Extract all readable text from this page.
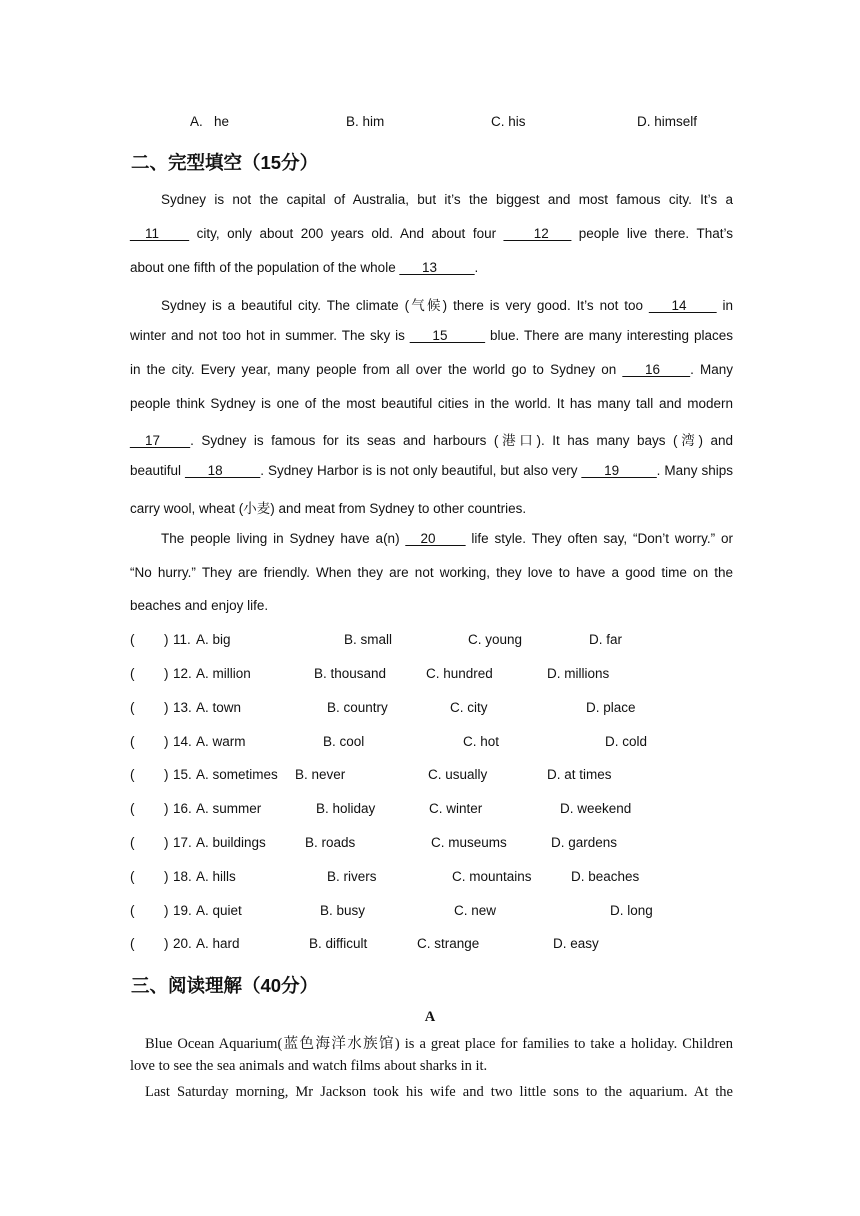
A.   he	B. him	C. his	D. himself
二、完型填空（15分）
Sydney is not the capital of Australia, but it’s the biggest and most famous city. It’s a
__11____ city, only about 200 years old. And about four ____12___ people live there. That’s
about one fifth of the population of the whole ___13_____.
Sydney is a beautiful city. The climate (气候) there is very good. It’s not too ___14____ in
winter and not too hot in summer. The sky is ___15_____ blue. There are many interesting places
in the city. Every year, many people from all over the world go to Sydney on ___16____. Many
people think Sydney is one of the most beautiful cities in the world. It has many tall and modern
__17____. Sydney is famous for its seas and harbours (港口). It has many bays (湾) and
beautiful ___18_____. Sydney Harbor is is not only beautiful, but also very ___19_____. Many ships
carry wool, wheat (小麦) and meat from Sydney to other countries.
The people living in Sydney have a(n) __20____ life style. They often say, “Don’t worry.” or
“No hurry.” They are friendly. When they are not working, they love to have a good time on the
beaches and enjoy life.
( ) 11. A. big	B. small	C. young	D. far
( ) 12. A. million	B. thousand	C. hundred	D. millions
( ) 13. A. town	B. country	C. city	D. place
( ) 14. A. warm	B. cool	C. hot	D. cold
( ) 15. A. sometimes B. never	C. usually	D. at times
( ) 16. A. summer	B. holiday	C. winter	D. weekend
( ) 17. A. buildings	B. roads	C. museums	D. gardens
( ) 18. A. hills	B. rivers	C. mountains	D. beaches
( ) 19. A. quiet	B. busy	C. new	D. long
( ) 20. A. hard	B. difficult	C. strange	D. easy
三、阅读理解（40分）
A
Blue Ocean Aquarium(蓝色海洋水族馆) is a great place for families to take a holiday. Children
love to see the sea animals and watch films about sharks in it.
Last Saturday morning, Mr Jackson took his wife and two little sons to the aquarium. At the
